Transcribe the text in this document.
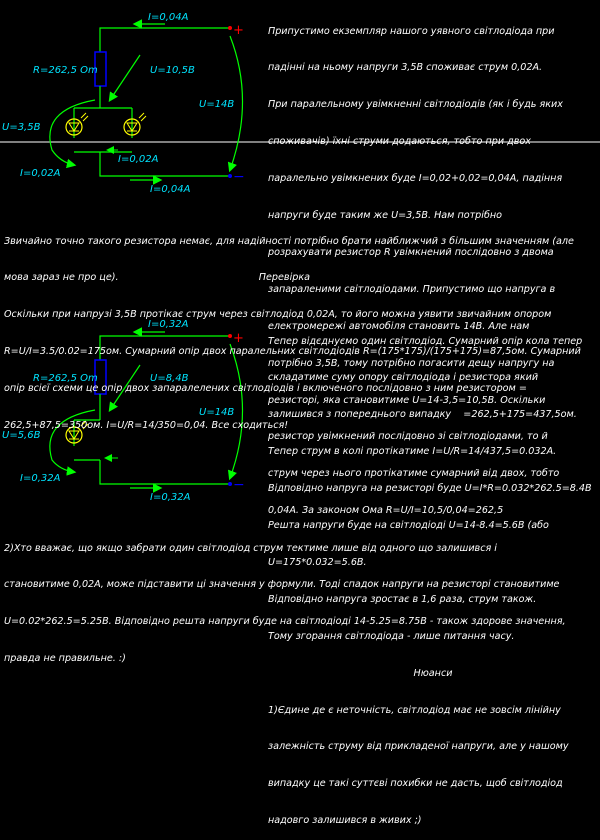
+
−
I=0,04A
R=262,5 Om	U=10,5B
U=14B
U=3,5B
I=0,02A
I=0,02A
I=0,04A
+
−
I=0,32A
R=262,5 Om	U=8,4B
U=14B
U=5,6B
I=0,32A
I=0,32A

Припустимо екземпляр нашого уявного світлодіода при

падінні на ньому напруги 3,5В споживає струм 0,02А.

При паралельному увімкненні світлодіодів (як і будь яких

споживачів) їхні струми додаються, тобто при двох

паралельно увімкнених буде I=0,02+0,02=0,04А, падіння

напруги буде таким же U=3,5В. Нам потрібно

розрахувати резистор R увімкнений послідовно з двома

запараленими світлодіодами. Припустимо що напруга в

електромережі автомобіля становить 14В. Але нам

потрібно 3,5В, тому потрібно погасити дещу напругу на

резисторі, яка становитиме U=14-3,5=10,5В. Оскільки

резистор увімкнений послідовно зі світлодіодами, то й

струм через нього протікатиме сумарний від двох, тобто

0,04А. За законом Ома R=U/I=10,5/0,04=262,5

Звичайно точно такого резистора немає, для надійності потрібно брати найближчий з більшим значенням (але

мова зараз не про це).                                              Перевірка

Оскільки при напрузі 3,5В протікає струм через світлодіод 0,02А, то його можна уявити звичайним опором

R=U/I=3.5/0.02=175ом. Сумарний опір двох паралельних світлодіодів R=(175*175)/(175+175)=87,5ом. Сумарний

опір всієї схеми це опір двох запаралелених світлодіодів і включеного послідовно з ним резистором =

262,5+87,5=350ом. I=U/R=14/350=0,04. Все сходиться!

Тепер відєднуємо один світлодіод. Сумарний опір кола тепер

складатиме суму опору світлодіода і резистора який

залишився з попереднього випадку    =262,5+175=437,5ом.

Тепер струм в колі протікатиме I=U/R=14/437,5=0.032А.

Відповідно напруга на резисторі буде U=I*R=0.032*262.5=8.4В

Решта напруги буде на світлодіоді U=14-8.4=5.6В (або

U=175*0.032=5.6В.

Відповідно напруга зростає в 1,6 раза, струм також.

Тому згорання світлодіода - лише питання часу.

Нюанси

1)Єдине де є неточність, світлодіод має не зовсім лінійну

залежність струму від прикладеної напруги, але у нашому

випадку це такі суттєві похибки не дасть, щоб світлодіод

надовго залишився в живих ;)

2)Хто вважає, що якщо забрати один світлодіод струм тектиме лише від одного що залишився і

становитиме 0,02А, може підставити ці значення у формули. Тоді спадок напруги на резисторі становитиме

U=0.02*262.5=5.25В. Відповідно решта напруги буде на світлодіоді 14-5.25=8.75В - також здорове значення,

правда не правильне. :)
